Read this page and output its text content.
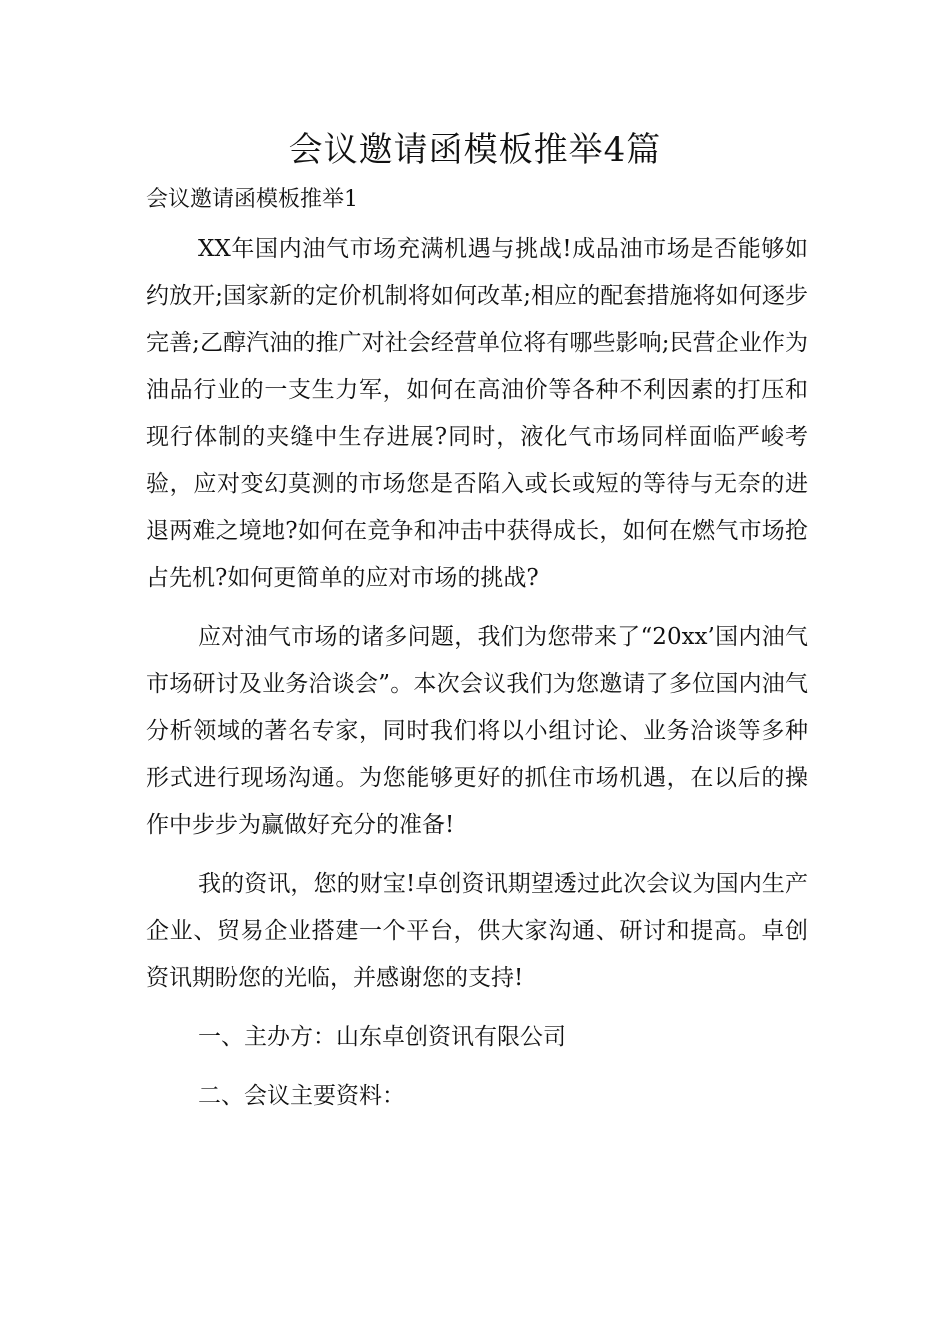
会议邀请函模板推举4篇
会议邀请函模板推举1

XX年国内油气市场充满机遇与挑战!成品油市场是否能够如约放开;国家新的定价机制将如何改革;相应的配套措施将如何逐步完善;乙醇汽油的推广对社会经营单位将有哪些影响;民营企业作为油品行业的一支生力军，如何在高油价等各种不利因素的打压和现行体制的夹缝中生存进展?同时，液化气市场同样面临严峻考验，应对变幻莫测的市场您是否陷入或长或短的等待与无奈的进退两难之境地?如何在竞争和冲击中获得成长，如何在燃气市场抢占先机?如何更简单的应对市场的挑战?

应对油气市场的诸多问题，我们为您带来了“20xx’国内油气市场研讨及业务洽谈会”。本次会议我们为您邀请了多位国内油气分析领域的著名专家，同时我们将以小组讨论、业务洽谈等多种形式进行现场沟通。为您能够更好的抓住市场机遇，在以后的操作中步步为赢做好充分的准备!

我的资讯，您的财宝!卓创资讯期望透过此次会议为国内生产企业、贸易企业搭建一个平台，供大家沟通、研讨和提高。卓创资讯期盼您的光临，并感谢您的支持!

一、主办方：山东卓创资讯有限公司

二、会议主要资料：
